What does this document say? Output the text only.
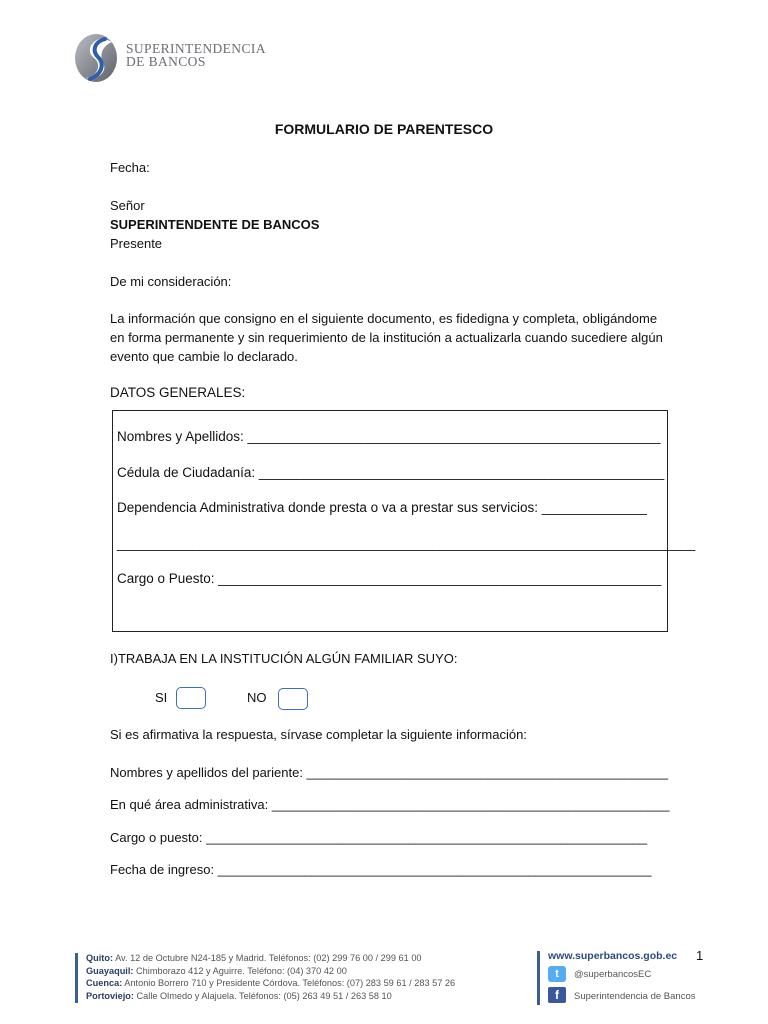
SUPERINTENDENCIA
DE BANCOS
FORMULARIO DE PARENTESCO
Fecha:
Señor
SUPERINTENDENTE DE BANCOS
Presente
De mi consideración:
La información que consigno en el siguiente documento, es fidedigna y completa, obligándome
en forma permanente y sin requerimiento de la institución a actualizarla cuando sucediere algún
evento que cambie lo declarado.
DATOS GENERALES:
Nombres y Apellidos: _______________________________________________________
Cédula de Ciudadanía: ______________________________________________________
Dependencia Administrativa donde presta o va a prestar sus servicios: ______________
_____________________________________________________________________________
Cargo o Puesto: ___________________________________________________________
I)TRABAJA EN LA INSTITUCIÓN ALGÚN FAMILIAR SUYO:
SI	NO
Si es afirmativa la respuesta, sírvase completar la siguiente información:
Nombres y apellidos del pariente: __________________________________________________
En qué área administrativa: _______________________________________________________
Cargo o puesto: _____________________________________________________________
Fecha de ingreso: ____________________________________________________________
Quito: Av. 12 de Octubre N24-185 y Madrid. Teléfonos: (02) 299 76 00 / 299 61 00
Guayaquil: Chimborazo 412 y Aguirre. Teléfono: (04) 370 42 00
Cuenca: Antonio Borrero 710 y Presidente Córdova. Teléfonos: (07) 283 59 61 / 283 57 26
Portoviejo: Calle Olmedo y Alajuela. Teléfonos: (05) 263 49 51 / 263 58 10
www.superbancos.gob.ec
t	@superbancosEC
f	Superintendencia de Bancos
1
